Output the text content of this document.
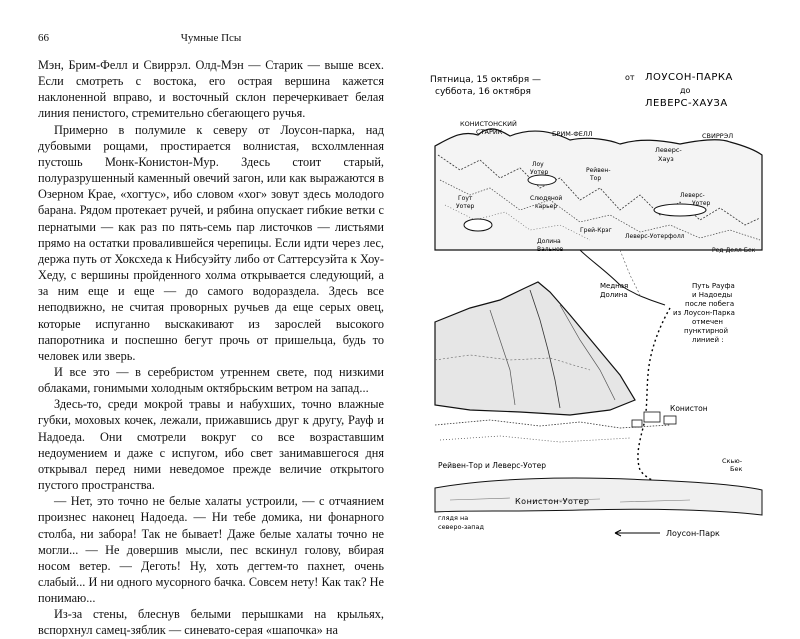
66	Чумные Псы

Мэн, Брим-Фелл и Свиррэл. Олд-Мэн — Старик — выше всех. Если смотреть с востока, его острая вершина кажется наклоненной вправо, и восточный склон перечеркивает белая линия пенистого, стремительно сбегающего ручья.

Примерно в полумиле к северу от Лоусон-парка, над дубовыми рощами, простирается волнистая, всхолмленная пустошь Монк-Конистон-Мур. Здесь стоит старый, полуразрушенный каменный овечий загон, или как выражаются в Озерном Крае, «хогтус», ибо словом «хог» зовут здесь молодого барана. Рядом протекает ручей, и рябина опускает гибкие ветки с пернатыми — как раз по пять-семь пар листочков — листьями прямо на остатки провалившейся черепицы. Если идти через лес, держа путь от Хоксхеда к Нибсуэйту либо от Саттерсуэйта к Хоу-Хеду, с вершины пройденного холма открывается следующий, а за ним еще и еще — до самого водораздела. Здесь все неподвижно, не считая проворных ручьев да еще серых овец, которые испуганно выскакивают из зарослей высокого папоротника и поспешно бегут прочь от пришельца, будь то человек или зверь.

И все это — в серебристом утреннем свете, под низкими облаками, гонимыми холодным октябрьским ветром на запад...

Здесь-то, среди мокрой травы и набухших, точно влажные губки, моховых кочек, лежали, прижавшись друг к другу, Рауф и Надоеда. Они смотрели вокруг со все возраставшим недоумением и даже с испугом, ибо свет занимавшегося дня открывал перед ними неведомое прежде величие открытого пустого пространства.

— Нет, это точно не белые халаты устроили, — с отчаянием произнес наконец Надоеда. — Ни тебе домика, ни фонарного столба, ни забора! Так не бывает! Даже белые халаты точно не могли... — Не довершив мысли, пес вскинул голову, вбирая носом ветер. — Деготь! Ну, хоть дегтем-то пахнет, очень слабый... И ни одного мусорного бачка. Совсем нету! Как так? Не понимаю...

Из-за стены, блеснув белыми перышками на крыльях, вспорхнул самец-зяблик — синевато-серая «шапочка» на

Пятница, 15 октября —
суббота, 16 октября
от ЛОУСОН-ПАРКА
до
ЛЕВЕРС-ХАУЗА
КОНИСТОНСКИЙ
СТАРИК	БРИМ-ФЕЛЛ	СВИРРЭЛ
Леверс-
Хауз
Лоу
Уотер	Рейвен-
Тор
Гоут
Уотер
Слюдяной
карьер
Леверс-
Уотер
Грей-Крэг
Леверс-Уотерфолл
Долина
Вальнов	Ред-Делл-Бек
Медная
Долина
Путь Рауфа
и Надоеды
после побега
из Лоусон-Парка
отмечен
пунктирной
линией :
Конистон
Рейвен-Тор и Леверс-Уотер	Скью-
Бек
Конистон-Уотер
глядя на
северо-запад
Лоусон-Парк
